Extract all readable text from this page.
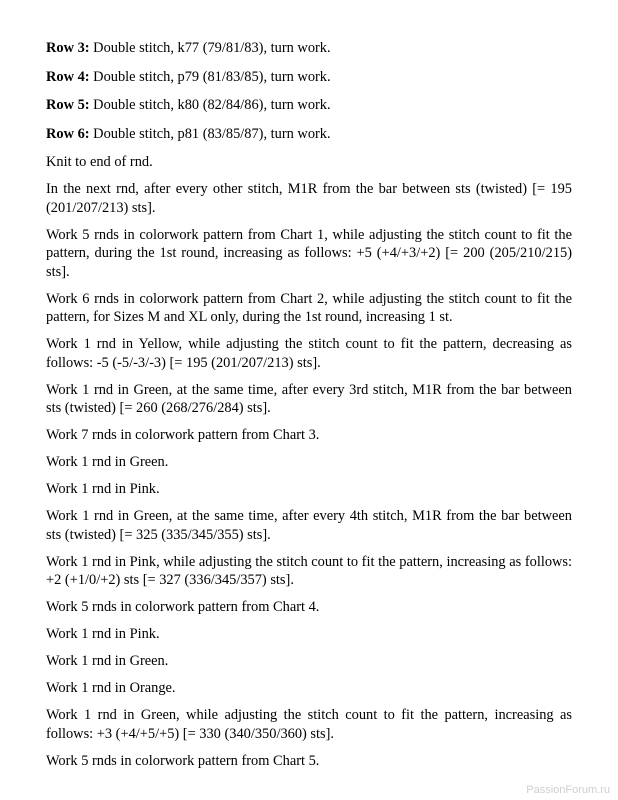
Row 3: Double stitch, k77 (79/81/83), turn work.

Row 4: Double stitch, p79 (81/83/85), turn work.

Row 5: Double stitch, k80 (82/84/86), turn work.

Row 6: Double stitch, p81 (83/85/87), turn work.

Knit to end of rnd.

In the next rnd, after every other stitch, M1R from the bar between sts (twisted) [= 195 (201/207/213) sts].

Work 5 rnds in colorwork pattern from Chart 1, while adjusting the stitch count to fit the pattern, during the 1st round, increasing as follows: +5 (+4/+3/+2) [= 200 (205/210/215) sts].

Work 6 rnds in colorwork pattern from Chart 2, while adjusting the stitch count to fit the pattern, for Sizes M and XL only, during the 1st round, increasing 1 st.

Work 1 rnd in Yellow, while adjusting the stitch count to fit the pattern, decreasing as follows: -5 (-5/-3/-3) [= 195 (201/207/213) sts].

Work 1 rnd in Green, at the same time, after every 3rd stitch, M1R from the bar between sts (twisted) [= 260 (268/276/284) sts].

Work 7 rnds in colorwork pattern from Chart 3.

Work 1 rnd in Green.

Work 1 rnd in Pink.

Work 1 rnd in Green, at the same time, after every 4th stitch, M1R from the bar between sts (twisted) [= 325 (335/345/355) sts].

Work 1 rnd in Pink, while adjusting the stitch count to fit the pattern, increasing as follows: +2 (+1/0/+2) sts [= 327 (336/345/357) sts].

Work 5 rnds in colorwork pattern from Chart 4.

Work 1 rnd in Pink.

Work 1 rnd in Green.

Work 1 rnd in Orange.

Work 1 rnd in Green, while adjusting the stitch count to fit the pattern, increasing as follows: +3 (+4/+5/+5) [= 330 (340/350/360) sts].

Work 5 rnds in colorwork pattern from Chart 5.

PassionForum.ru
